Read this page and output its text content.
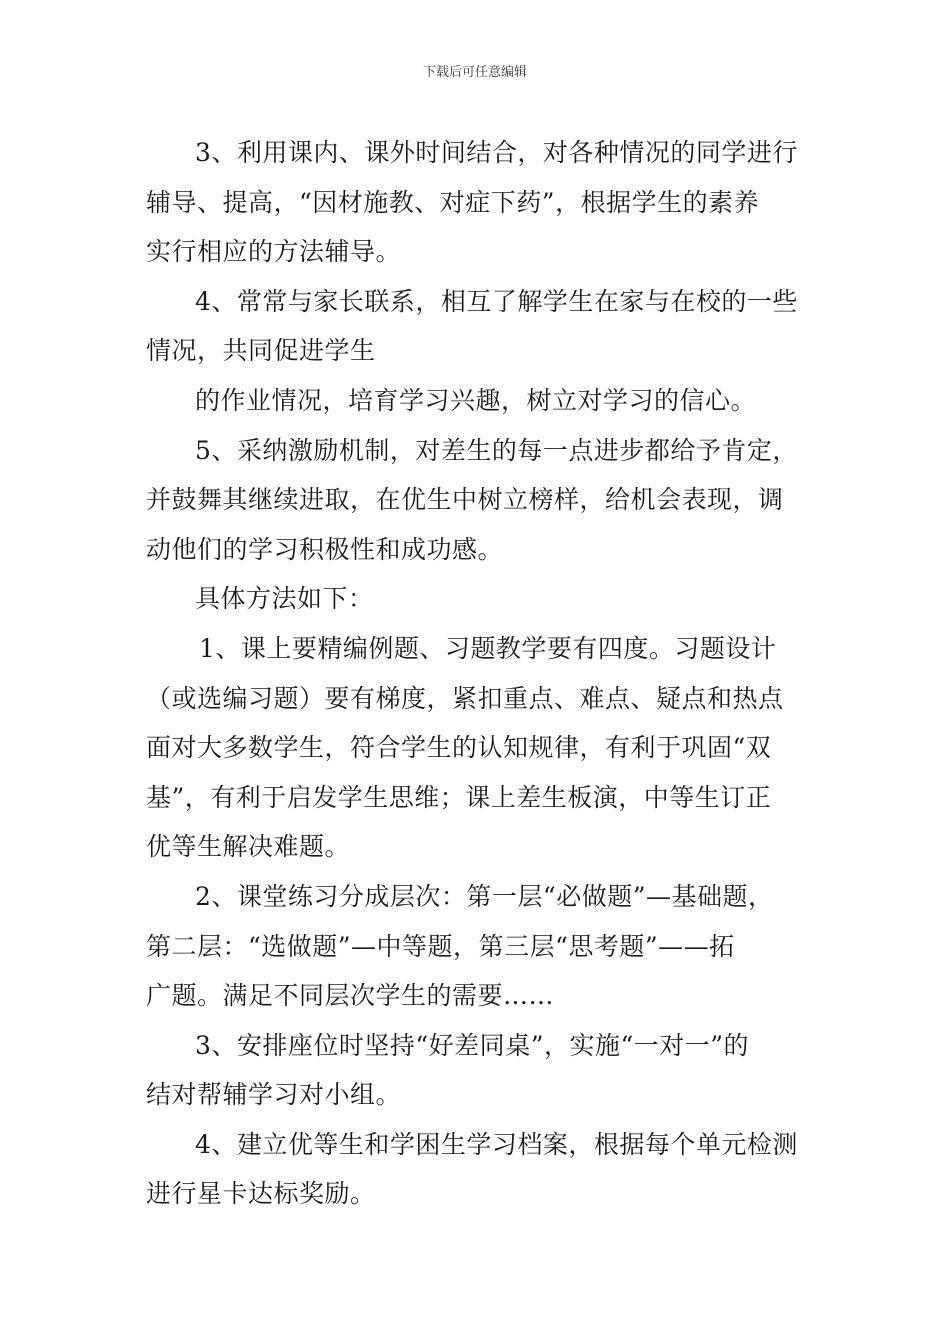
下载后可任意编辑
3、利用课内、课外时间结合，对各种情况的同学进行
辅导、提高，“因材施教、对症下药”，根据学生的素养
实行相应的方法辅导。
4、常常与家长联系，相互了解学生在家与在校的一些
情况，共同促进学生
的作业情况，培育学习兴趣，树立对学习的信心。
5、采纳激励机制，对差生的每一点进步都给予肯定，
并鼓舞其继续进取，在优生中树立榜样，给机会表现，调
动他们的学习积极性和成功感。
具体方法如下：
1、课上要精编例题、习题教学要有四度。习题设计
（或选编习题）要有梯度，紧扣重点、难点、疑点和热点
面对大多数学生，符合学生的认知规律，有利于巩固“双
基”，有利于启发学生思维；课上差生板演，中等生订正
优等生解决难题。
2、课堂练习分成层次：第一层“必做题”—基础题，
第二层：“选做题”—中等题，第三层“思考题”——拓
广题。满足不同层次学生的需要……
3、安排座位时坚持“好差同桌”，实施“一对一”的
结对帮辅学习对小组。
4、建立优等生和学困生学习档案，根据每个单元检测
进行星卡达标奖励。
